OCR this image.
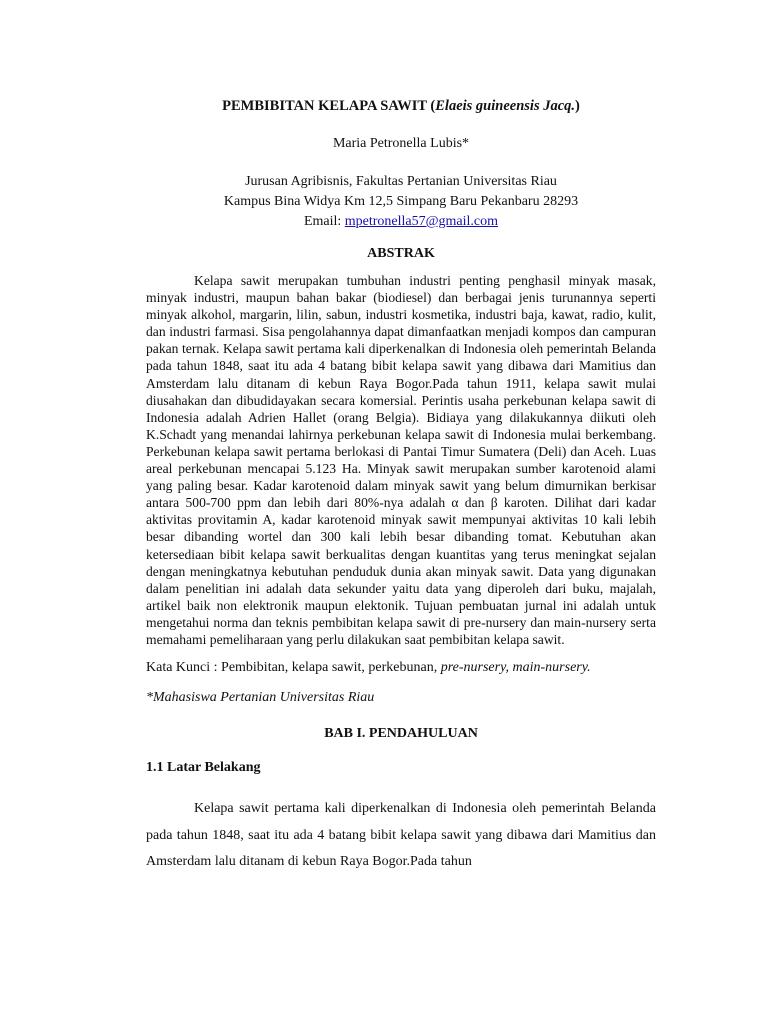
PEMBIBITAN KELAPA SAWIT (Elaeis guineensis Jacq.)

Maria Petronella Lubis*

Jurusan Agribisnis, Fakultas Pertanian Universitas Riau

Kampus Bina Widya Km 12,5 Simpang Baru Pekanbaru 28293

Email: mpetronella57@gmail.com

ABSTRAK

Kelapa sawit merupakan tumbuhan industri penting penghasil minyak masak, minyak industri, maupun bahan bakar (biodiesel) dan berbagai jenis turunannya seperti minyak alkohol, margarin, lilin, sabun, industri kosmetika, industri baja, kawat, radio, kulit, dan industri farmasi. Sisa pengolahannya dapat dimanfaatkan menjadi kompos dan campuran pakan ternak. Kelapa sawit pertama kali diperkenalkan di Indonesia oleh pemerintah Belanda pada tahun 1848, saat itu ada 4 batang bibit kelapa sawit yang dibawa dari Mamitius dan Amsterdam lalu ditanam di kebun Raya Bogor.Pada tahun 1911, kelapa sawit mulai diusahakan dan dibudidayakan secara komersial. Perintis usaha perkebunan kelapa sawit di Indonesia adalah Adrien Hallet (orang Belgia). Bidiaya yang dilakukannya diikuti oleh K.Schadt yang menandai lahirnya perkebunan kelapa sawit di Indonesia mulai berkembang. Perkebunan kelapa sawit pertama berlokasi di Pantai Timur Sumatera (Deli) dan Aceh. Luas areal perkebunan mencapai 5.123 Ha. Minyak sawit merupakan sumber karotenoid alami yang paling besar. Kadar karotenoid dalam minyak sawit yang belum dimurnikan berkisar antara 500-700 ppm dan lebih dari 80%-nya adalah α dan β karoten. Dilihat dari kadar aktivitas provitamin A, kadar karotenoid minyak sawit mempunyai aktivitas 10 kali lebih besar dibanding wortel dan 300 kali lebih besar dibanding tomat. Kebutuhan akan ketersediaan bibit kelapa sawit berkualitas dengan kuantitas yang terus meningkat sejalan dengan meningkatnya kebutuhan penduduk dunia akan minyak sawit. Data yang digunakan dalam penelitian ini adalah data sekunder yaitu data yang diperoleh dari buku, majalah, artikel baik non elektronik maupun elektonik. Tujuan pembuatan jurnal ini adalah untuk mengetahui norma dan teknis pembibitan kelapa sawit di pre-nursery dan main-nursery serta memahami pemeliharaan yang perlu dilakukan saat pembibitan kelapa sawit.

Kata Kunci : Pembibitan, kelapa sawit, perkebunan, pre-nursery, main-nursery.

*Mahasiswa Pertanian Universitas Riau

BAB I. PENDAHULUAN

1.1 Latar Belakang

Kelapa sawit pertama kali diperkenalkan di Indonesia oleh pemerintah Belanda pada tahun 1848, saat itu ada 4 batang bibit kelapa sawit yang dibawa dari Mamitius dan Amsterdam lalu ditanam di kebun Raya Bogor.Pada tahun
